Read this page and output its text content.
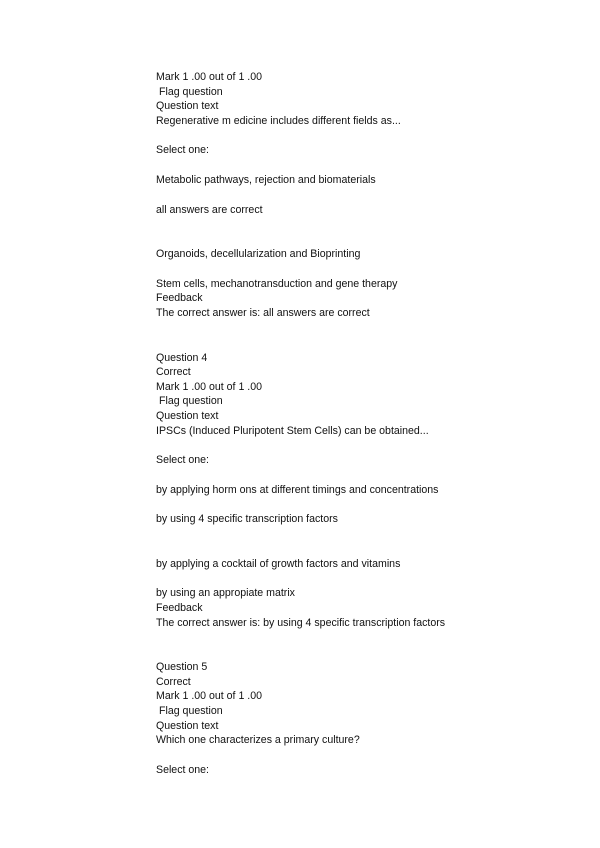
Mark 1 .00 out of 1 .00
Flag question
Question text
Regenerative m edicine includes different fields as...
Select one:
Metabolic pathways, rejection and biomaterials
all answers are correct
Organoids, decellularization and Bioprinting
Stem cells, mechanotransduction and gene therapy
Feedback
The correct answer is: all answers are correct
Question 4
Correct
Mark 1 .00 out of 1 .00
Flag question
Question text
IPSCs (Induced Pluripotent Stem Cells) can be obtained...
Select one:
by applying horm ons at different timings and concentrations
by using 4 specific transcription factors
by applying a cocktail of growth factors and vitamins
by using an appropiate matrix
Feedback
The correct answer is: by using 4 specific transcription factors
Question 5
Correct
Mark 1 .00 out of 1 .00
Flag question
Question text
Which one characterizes a primary culture?
Select one:
